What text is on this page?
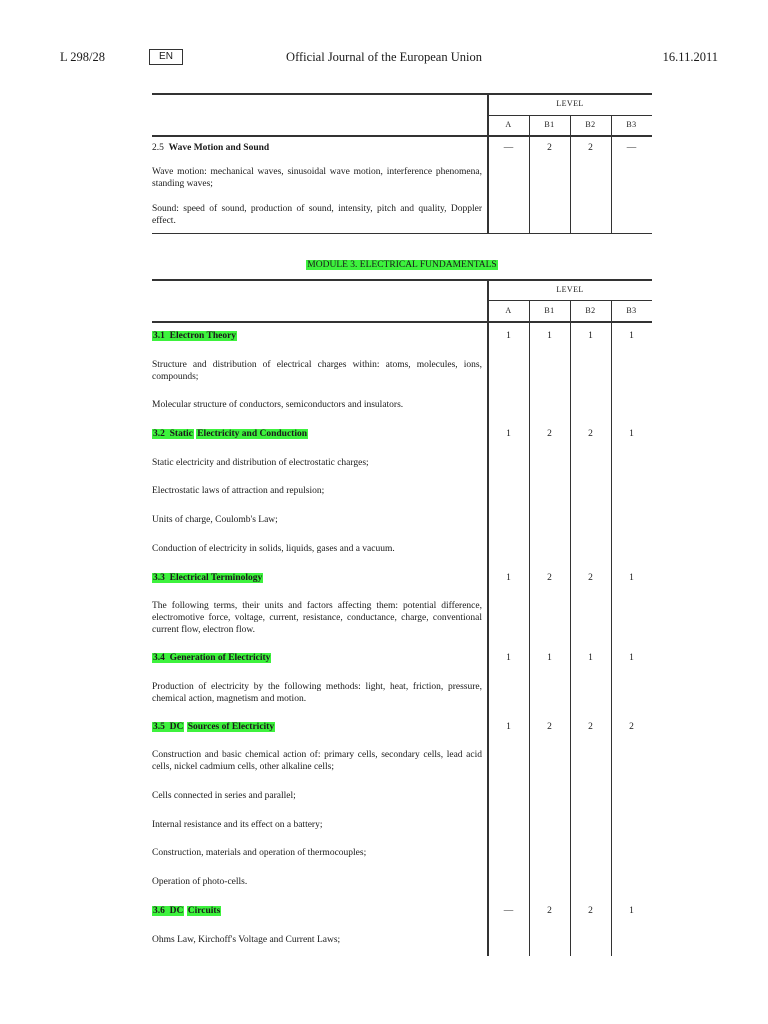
L 298/28	EN	Official Journal of the European Union	16.11.2011
LEVEL
A	B1	B2	B3
2.5 Wave Motion and Sound	—	2	2	—
Wave motion: mechanical waves, sinusoidal wave motion, interference phenomena, standing waves;
Sound: speed of sound, production of sound, intensity, pitch and quality, Doppler effect.
MODULE 3. ELECTRICAL FUNDAMENTALS
LEVEL
A	B1	B2	B3
3.1 Electron Theory	1	1	1	1
Structure and distribution of electrical charges within: atoms, molecules, ions, compounds;
Molecular structure of conductors, semiconductors and insulators.
3.2 Static Electricity and Conduction	1	2	2	1
Static electricity and distribution of electrostatic charges;
Electrostatic laws of attraction and repulsion;
Units of charge, Coulomb's Law;
Conduction of electricity in solids, liquids, gases and a vacuum.
3.3 Electrical Terminology	1	2	2	1
The following terms, their units and factors affecting them: potential difference, electromotive force, voltage, current, resistance, conductance, charge, conventional current flow, electron flow.
3.4 Generation of Electricity	1	1	1	1
Production of electricity by the following methods: light, heat, friction, pressure, chemical action, magnetism and motion.
3.5 DC Sources of Electricity	1	2	2	2
Construction and basic chemical action of: primary cells, secondary cells, lead acid cells, nickel cadmium cells, other alkaline cells;
Cells connected in series and parallel;
Internal resistance and its effect on a battery;
Construction, materials and operation of thermocouples;
Operation of photo-cells.
3.6 DC Circuits	—	2	2	1
Ohms Law, Kirchoff's Voltage and Current Laws;
